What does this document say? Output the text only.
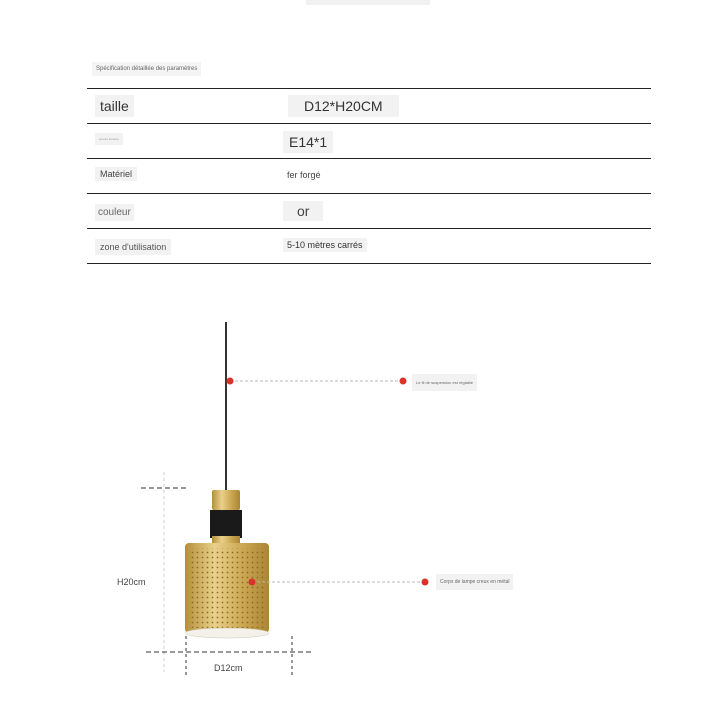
Spécification détaillée des paramètres
taille	D12*H20CM
source lumière	E14*1
Matériel	fer forgé
couleur	or
zone d'utilisation	5-10 mètres carrés
Le fil de suspension est réglable
Corps de lampe creux en métal
H20cm
D12cm
